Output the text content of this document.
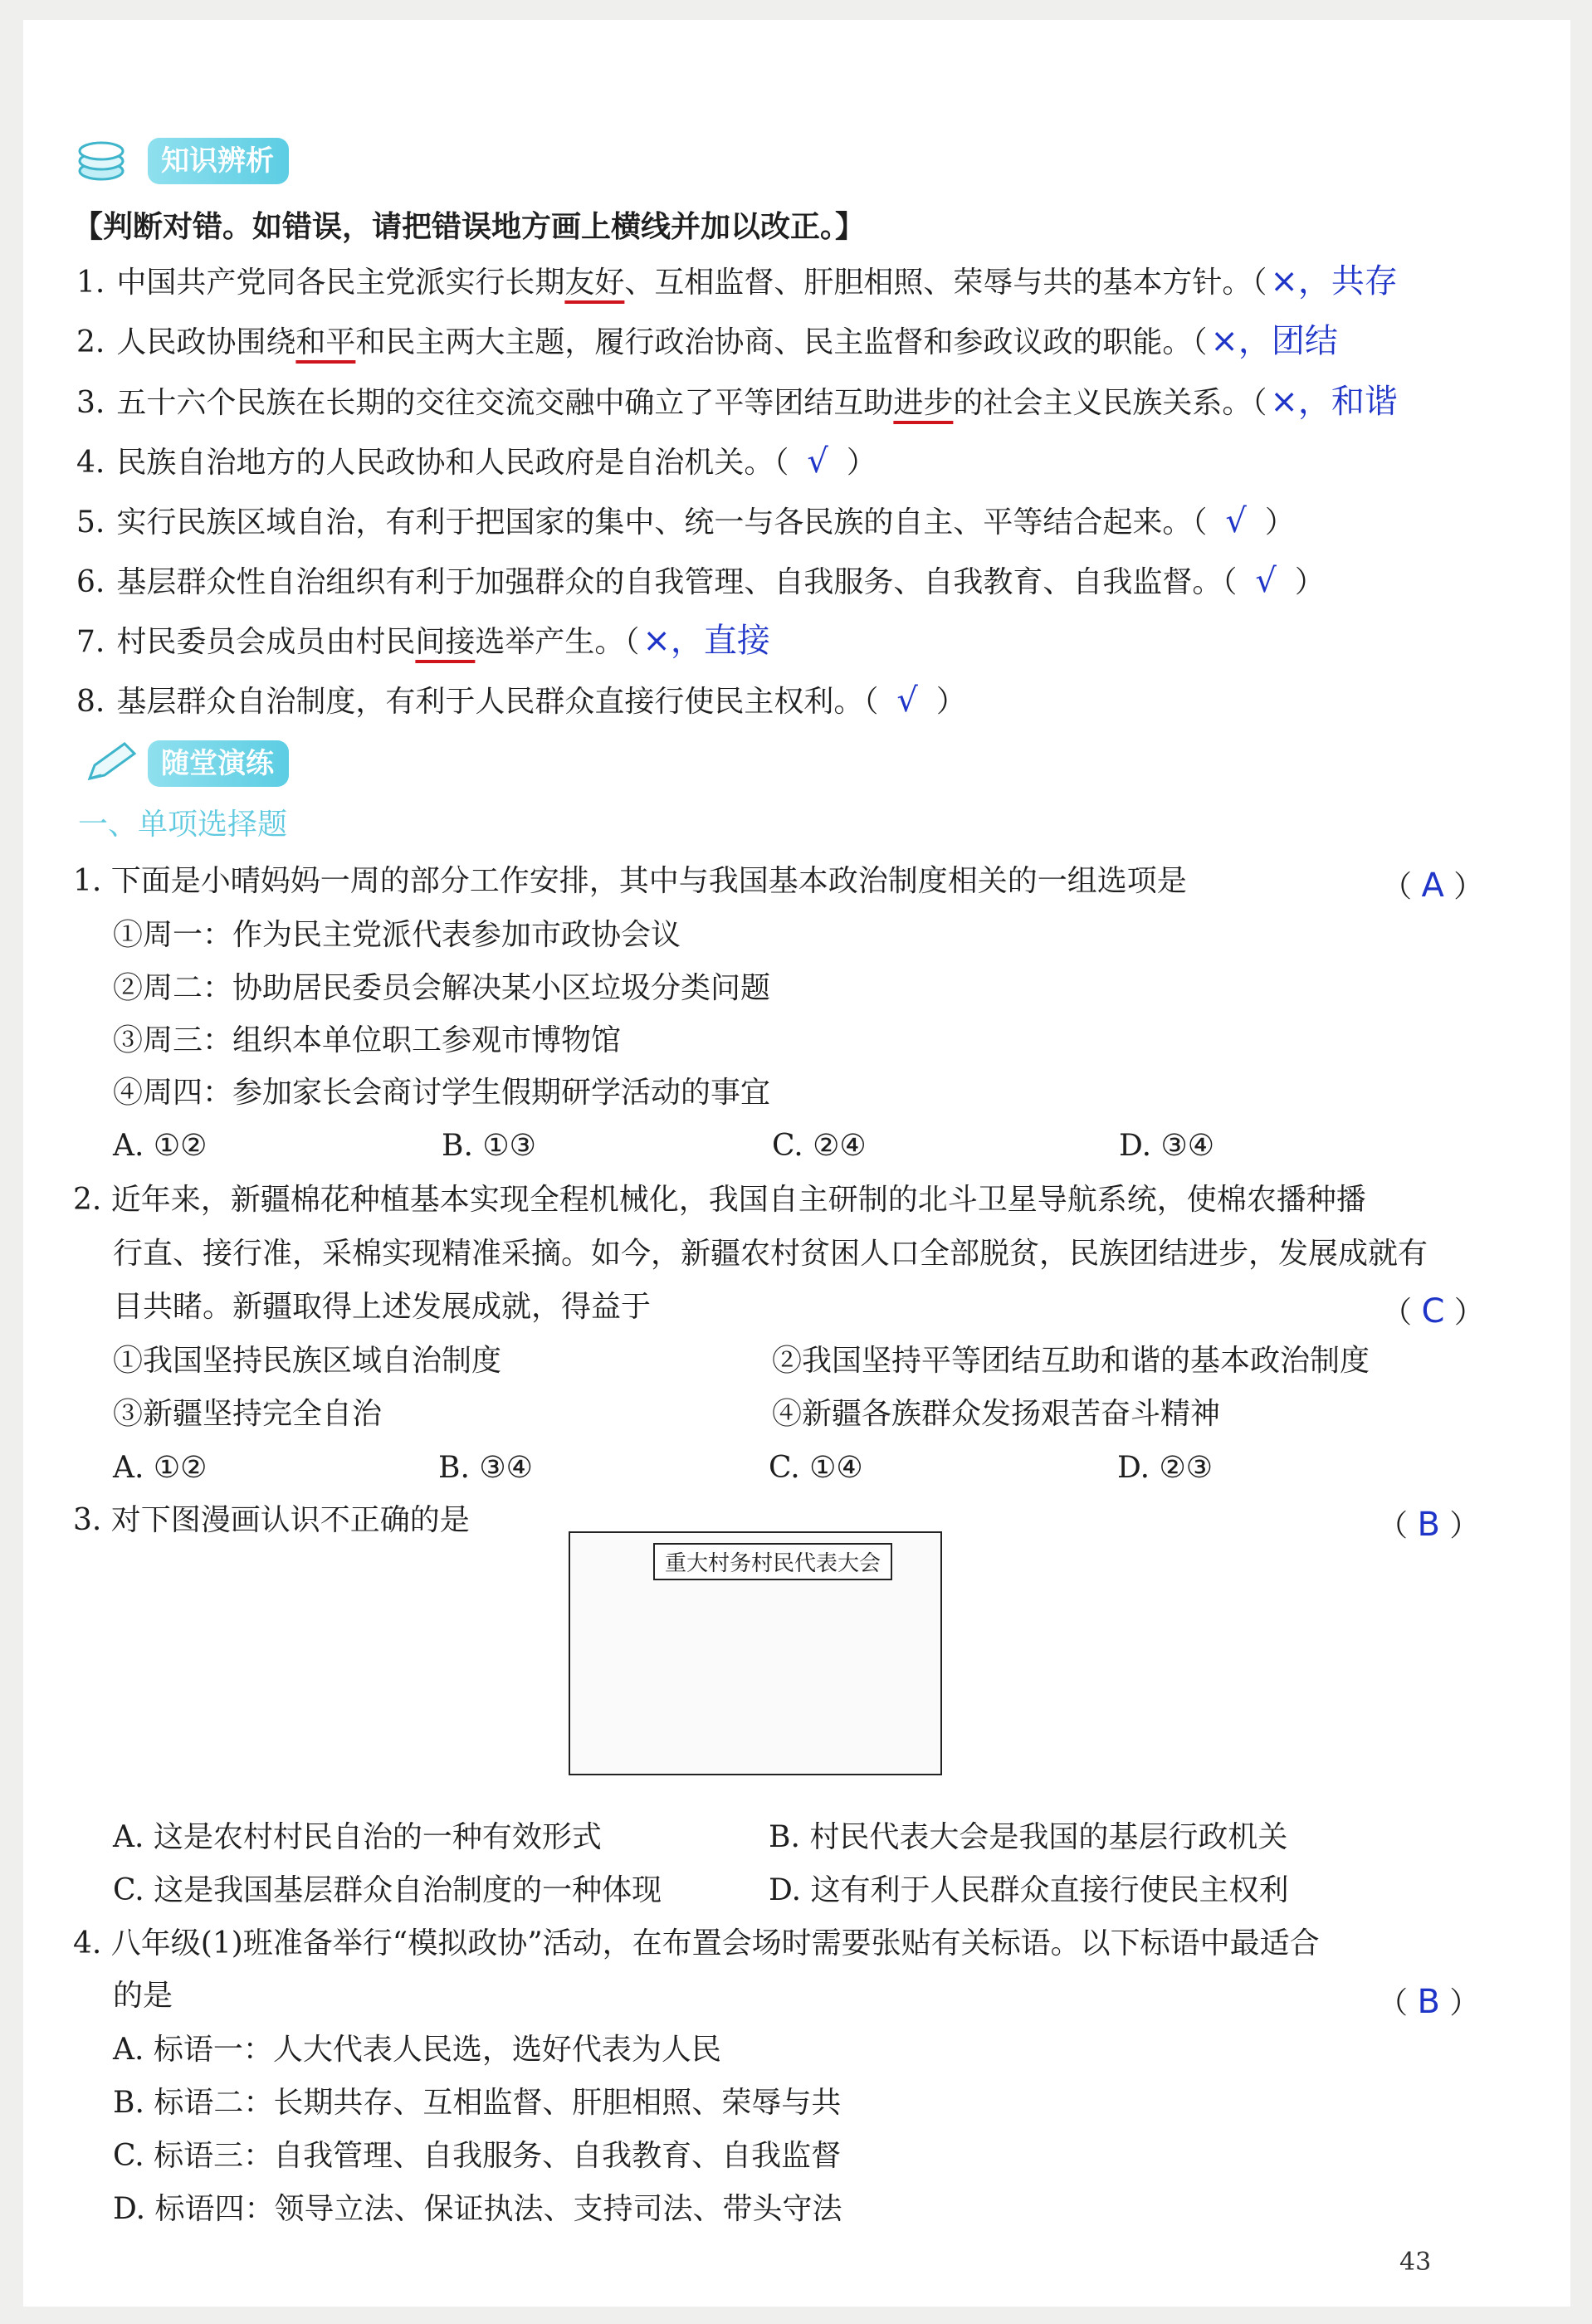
知识辨析
【判断对错。如错误，请把错误地方画上横线并加以改正。】
1. 中国共产党同各民主党派实行长期友好、互相监督、肝胆相照、荣辱与共的基本方针。（ ×，共存
2. 人民政协围绕和平和民主两大主题，履行政治协商、民主监督和参政议政的职能。（ ×，团结
3. 五十六个民族在长期的交往交流交融中确立了平等团结互助进步的社会主义民族关系。（ ×，和谐
4. 民族自治地方的人民政协和人民政府是自治机关。（ √ ）
5. 实行民族区域自治，有利于把国家的集中、统一与各民族的自主、平等结合起来。（ √ ）
6. 基层群众性自治组织有利于加强群众的自我管理、自我服务、自我教育、自我监督。（ √ ）
7. 村民委员会成员由村民间接选举产生。（ ×，直接
8. 基层群众自治制度，有利于人民群众直接行使民主权利。（ √ ）
随堂演练
一、单项选择题
1. 下面是小晴妈妈一周的部分工作安排，其中与我国基本政治制度相关的一组选项是	（ A ）
①周一：作为民主党派代表参加市政协会议
②周二：协助居民委员会解决某小区垃圾分类问题
③周三：组织本单位职工参观市博物馆
④周四：参加家长会商讨学生假期研学活动的事宜
A. ①②	B. ①③	C. ②④	D. ③④
2. 近年来，新疆棉花种植基本实现全程机械化，我国自主研制的北斗卫星导航系统，使棉农播种播
行直、接行准，采棉实现精准采摘。如今，新疆农村贫困人口全部脱贫，民族团结进步，发展成就有
目共睹。新疆取得上述发展成就，得益于	（ C ）
①我国坚持民族区域自治制度	②我国坚持平等团结互助和谐的基本政治制度
③新疆坚持完全自治	④新疆各族群众发扬艰苦奋斗精神
A. ①②	B. ③④	C. ①④	D. ②③
3. 对下图漫画认识不正确的是	（ B ）
重大村务村民代表大会
A. 这是农村村民自治的一种有效形式	B. 村民代表大会是我国的基层行政机关
C. 这是我国基层群众自治制度的一种体现	D. 这有利于人民群众直接行使民主权利
4. 八年级(1)班准备举行“模拟政协”活动，在布置会场时需要张贴有关标语。以下标语中最适合
的是	（ B ）
A. 标语一：人大代表人民选，选好代表为人民
B. 标语二：长期共存、互相监督、肝胆相照、荣辱与共
C. 标语三：自我管理、自我服务、自我教育、自我监督
D. 标语四：领导立法、保证执法、支持司法、带头守法
43
